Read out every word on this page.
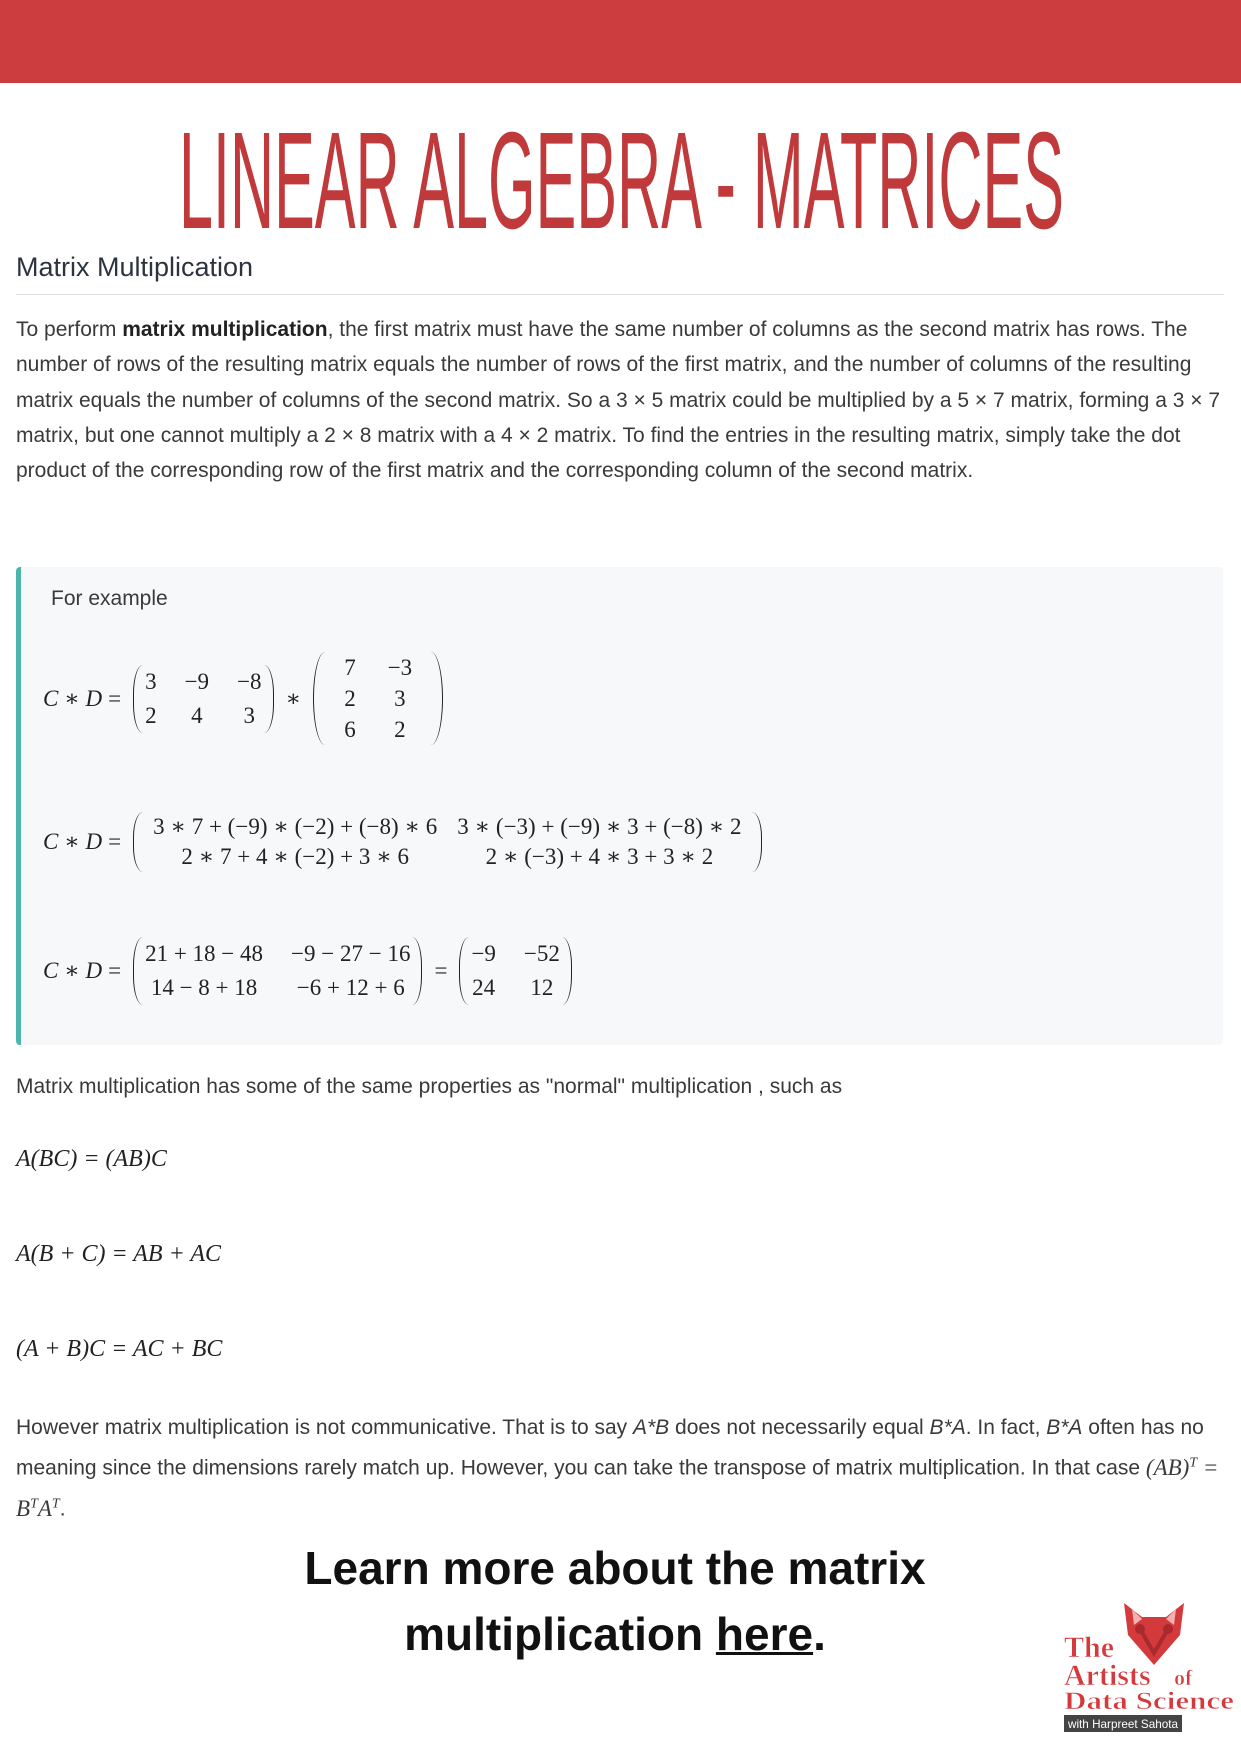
LINEAR ALGEBRA - MATRICES
Matrix Multiplication

To perform matrix multiplication, the first matrix must have the same number of columns as the second matrix has rows. The number of rows of the resulting matrix equals the number of rows of the first matrix, and the number of columns of the resulting matrix equals the number of columns of the second matrix. So a 3 × 5 matrix could be multiplied by a 5 × 7 matrix, forming a 3 × 7 matrix, but one cannot multiply a 2 × 8 matrix with a 4 × 2 matrix. To find the entries in the resulting matrix, simply take the dot product of the corresponding row of the first matrix and the corresponding column of the second matrix.

For example
C ∗ D =
3	−9	−8
2	4	3
∗
7	−3
2	3
6	2
C ∗ D =
3 ∗ 7 + (−9) ∗ (−2) + (−8) ∗ 6	3 ∗ (−3) + (−9) ∗ 3 + (−8) ∗ 2
2 ∗ 7 + 4 ∗ (−2) + 3 ∗ 6	2 ∗ (−3) + 4 ∗ 3 + 3 ∗ 2
C ∗ D =
21 + 18 − 48	−9 − 27 − 16
14 − 8 + 18	−6 + 12 + 6
=
−9	−52
24	12

Matrix multiplication has some of the same properties as "normal" multiplication , such as

A(BC) = (AB)C
A(B + C) = AB + AC
(A + B)C = AC + BC

However matrix multiplication is not communicative. That is to say A*B does not necessarily equal B*A. In fact, B*A often has no meaning since the dimensions rarely match up. However, you can take the transpose of matrix multiplication. In that case $(AB)^T = B^TA^T$.

Learn more about the matrix
multiplication here.	The
Artists of
Data Science
with Harpreet Sahota
